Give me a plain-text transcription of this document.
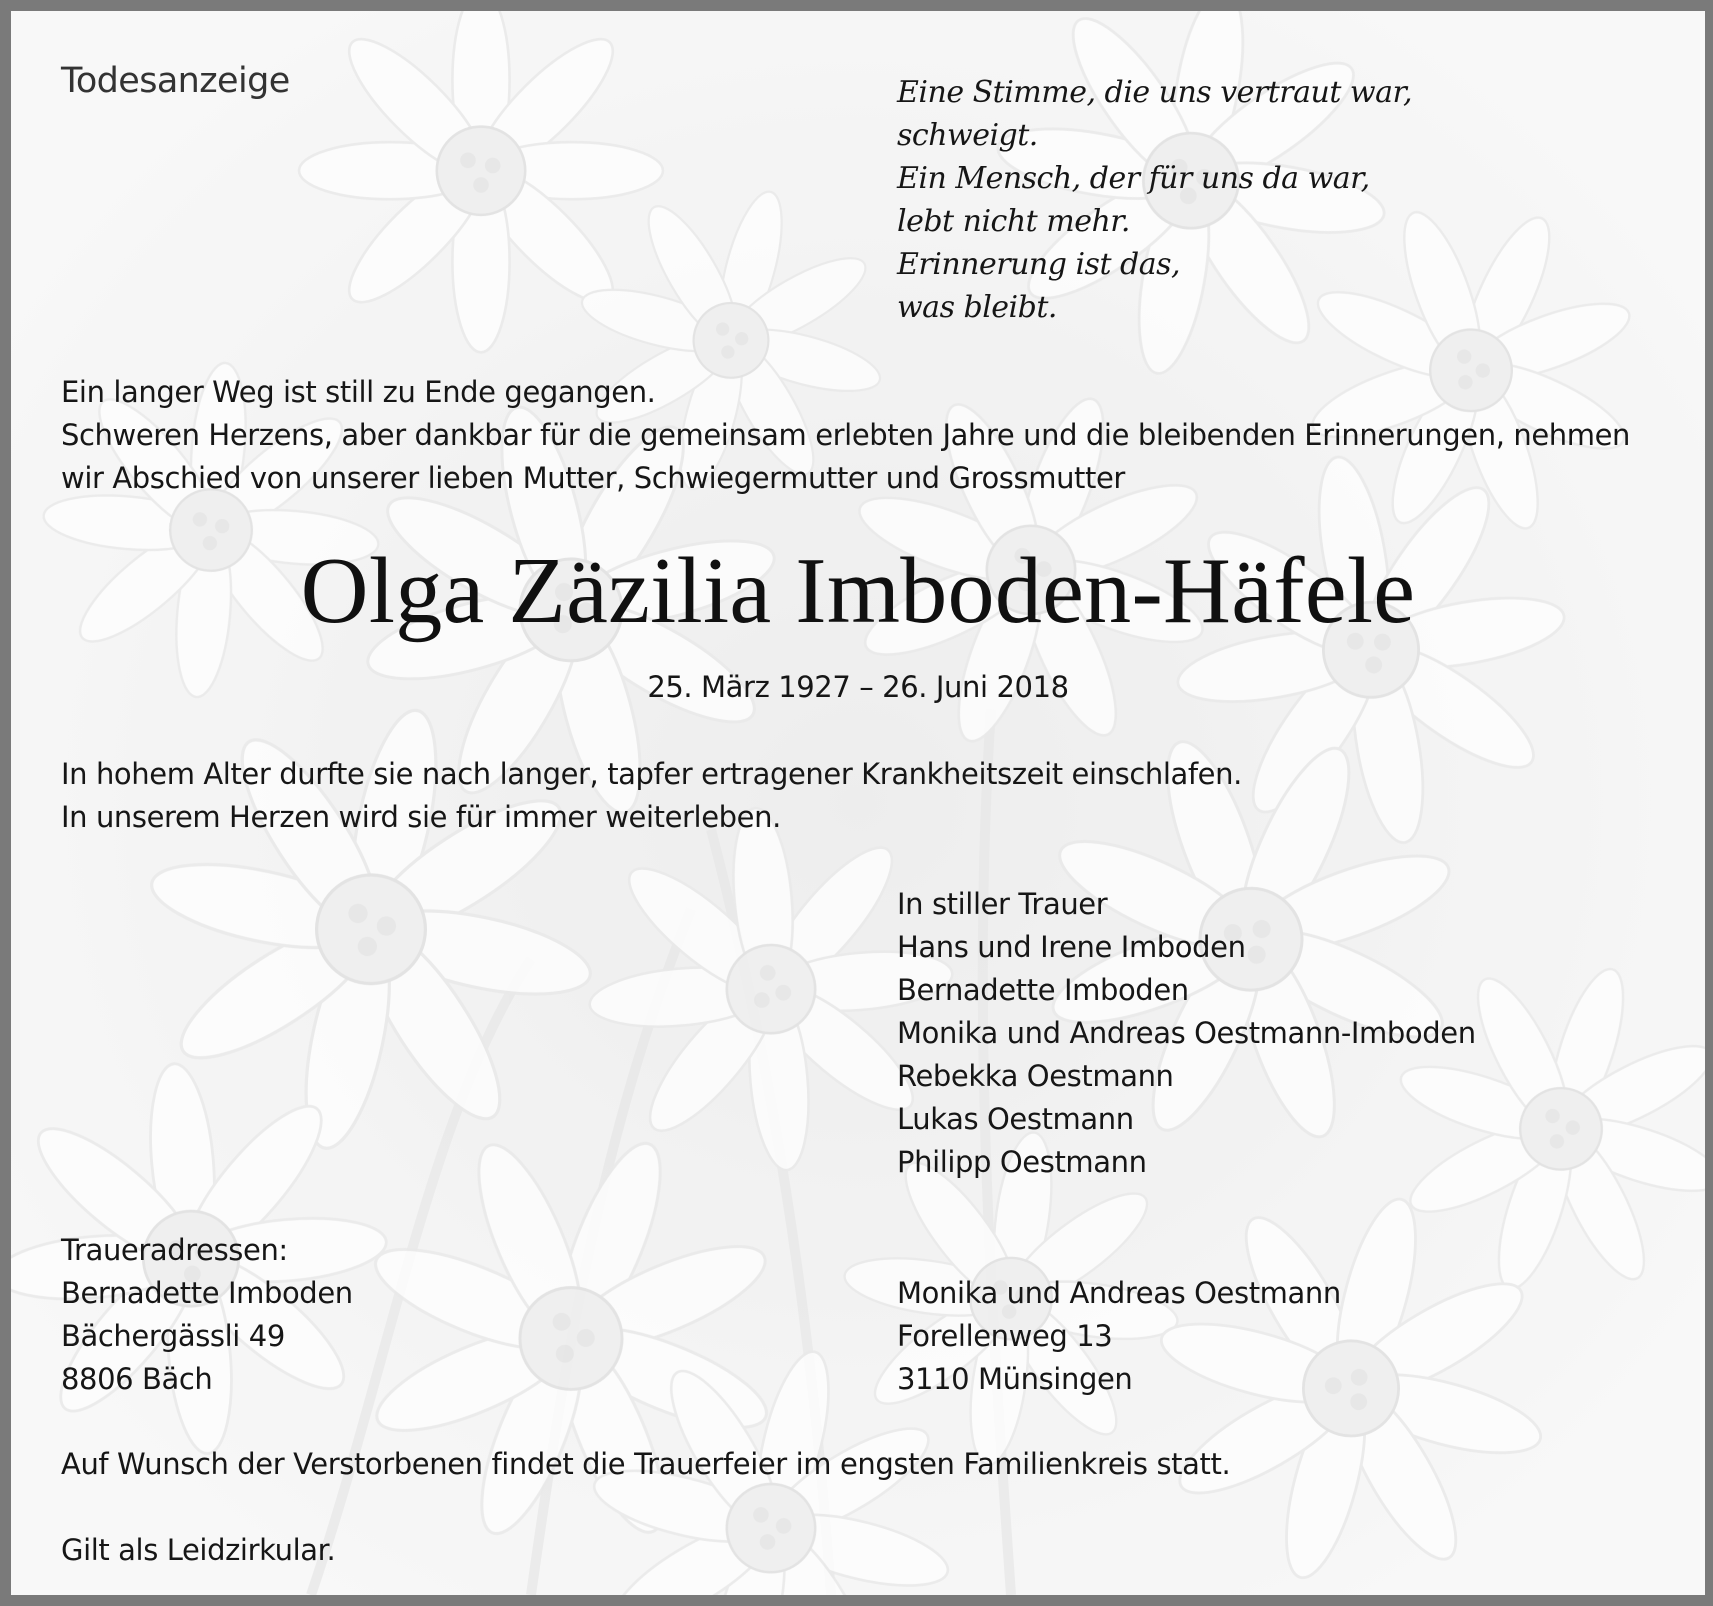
Todesanzeige	Eine Stimme, die uns vertraut war,
schweigt.
Ein Mensch, der für uns da war,
lebt nicht mehr.
Erinnerung ist das,
was bleibt.
Ein langer Weg ist still zu Ende gegangen.
Schweren Herzens, aber dankbar für die gemeinsam erlebten Jahre und die bleibenden Erinnerungen, nehmen
wir Abschied von unserer lieben Mutter, Schwiegermutter und Grossmutter
Olga Zäzilia Imboden-Häfele
25. März 1927 – 26. Juni 2018
In hohem Alter durfte sie nach langer, tapfer ertragener Krankheitszeit einschlafen.
In unserem Herzen wird sie für immer weiterleben.
In stiller Trauer
Hans und Irene Imboden
Bernadette Imboden
Monika und Andreas Oestmann-Imboden
Rebekka Oestmann
Lukas Oestmann
Philipp Oestmann
Traueradressen:
Bernadette Imboden
Bächergässli 49
8806 Bäch
Monika und Andreas Oestmann
Forellenweg 13
3110 Münsingen
Auf Wunsch der Verstorbenen findet die Trauerfeier im engsten Familienkreis statt.
Gilt als Leidzirkular.
